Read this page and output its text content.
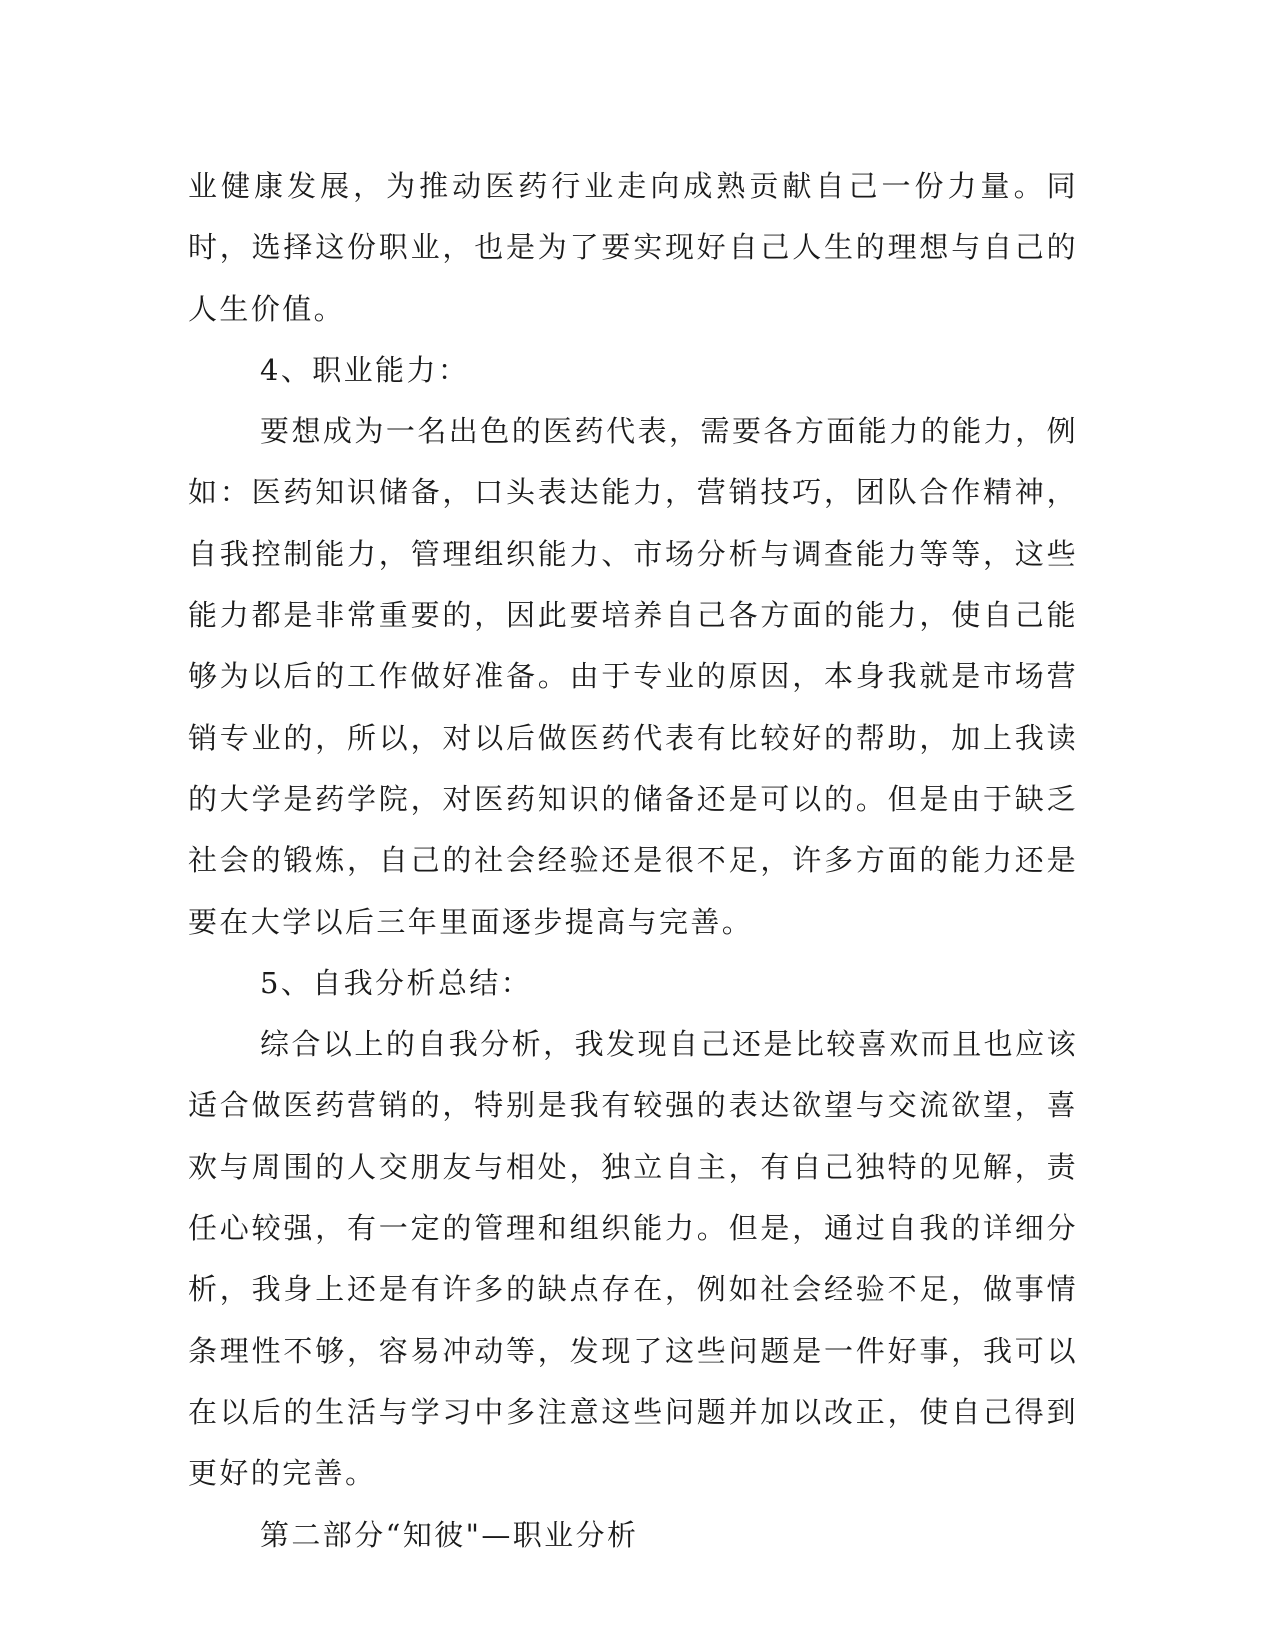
业健康发展，为推动医药行业走向成熟贡献自己一份力量。同时，选择这份职业，也是为了要实现好自己人生的理想与自己的人生价值。

4、职业能力：

要想成为一名出色的医药代表，需要各方面能力的能力，例如：医药知识储备，口头表达能力，营销技巧，团队合作精神，自我控制能力，管理组织能力、市场分析与调查能力等等，这些能力都是非常重要的，因此要培养自己各方面的能力，使自己能够为以后的工作做好准备。由于专业的原因，本身我就是市场营销专业的，所以，对以后做医药代表有比较好的帮助，加上我读的大学是药学院，对医药知识的储备还是可以的。但是由于缺乏社会的锻炼，自己的社会经验还是很不足，许多方面的能力还是要在大学以后三年里面逐步提高与完善。

5、自我分析总结：

综合以上的自我分析，我发现自己还是比较喜欢而且也应该适合做医药营销的，特别是我有较强的表达欲望与交流欲望，喜欢与周围的人交朋友与相处，独立自主，有自己独特的见解，责任心较强，有一定的管理和组织能力。但是，通过自我的详细分析，我身上还是有许多的缺点存在，例如社会经验不足，做事情条理性不够，容易冲动等，发现了这些问题是一件好事，我可以在以后的生活与学习中多注意这些问题并加以改正，使自己得到更好的完善。

第二部分“知彼"—职业分析
